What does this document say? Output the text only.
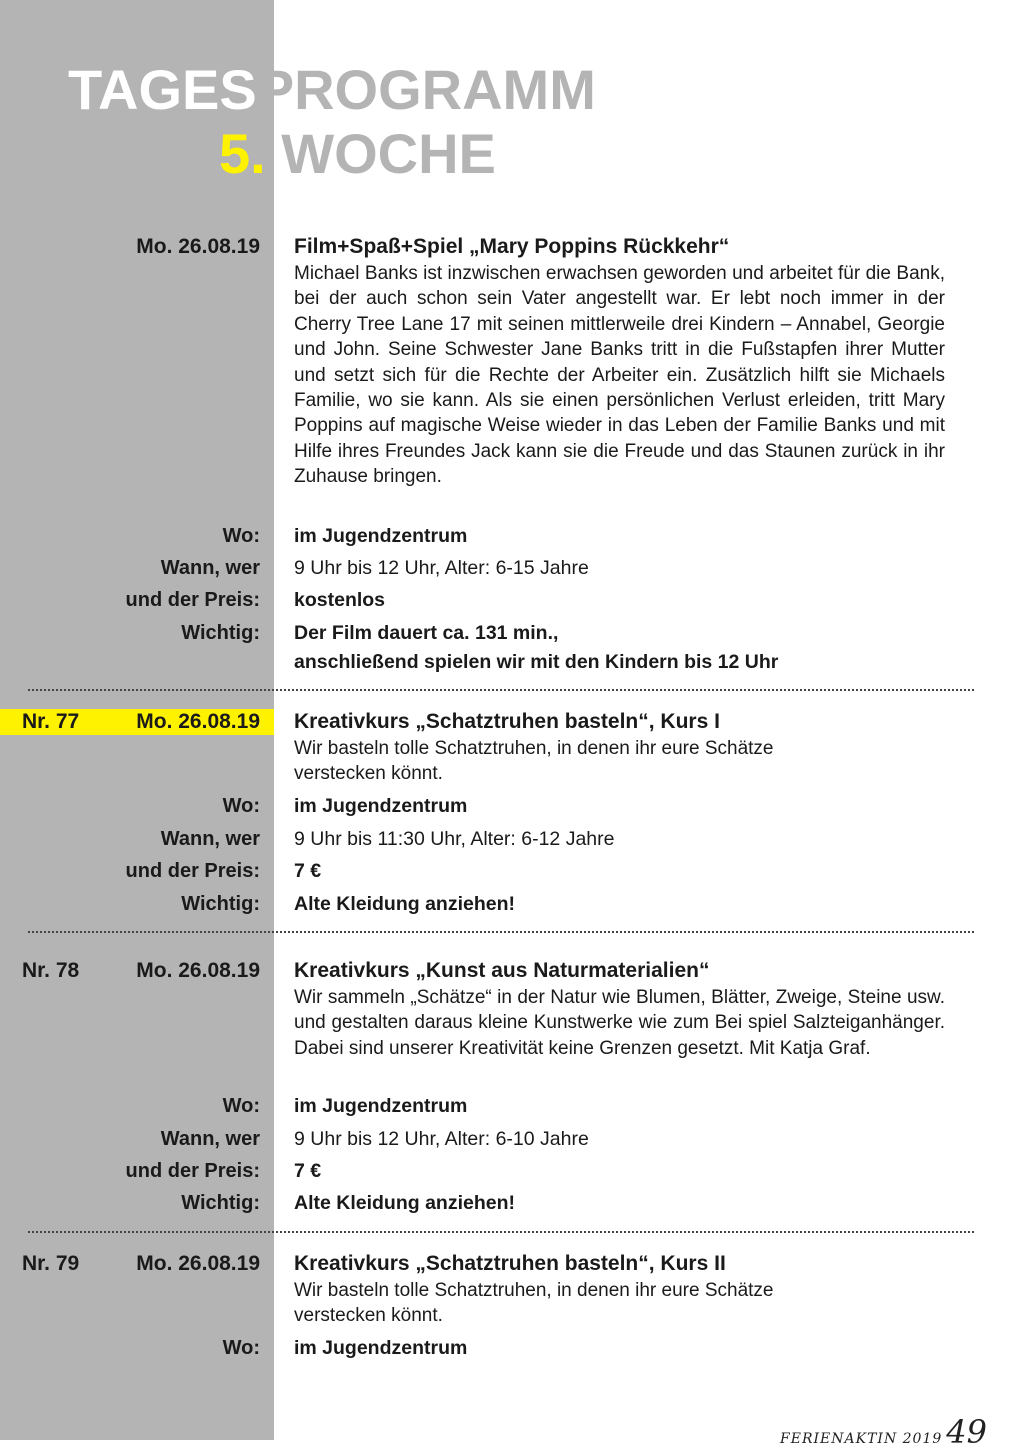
TAGESPROGRAMM
5. WOCHE
Mo. 26.08.19 Film+Spaß+Spiel „Mary Poppins Rückkehr“
Michael Banks ist inzwischen erwachsen geworden und arbeitet für die Bank, bei der auch schon sein Vater angestellt war. Er lebt noch immer in der Cherry Tree Lane 17 mit seinen mittlerweile drei Kindern – Annabel, Georgie und John. Seine Schwester Jane Banks tritt in die Fußstapfen ihrer Mutter und setzt sich für die Rechte der Arbeiter ein. Zusätzlich hilft sie Michaels Familie, wo sie kann. Als sie einen persönlichen Verlust erleiden, tritt Mary Poppins auf magische Weise wieder in das Leben der Familie Banks und mit Hilfe ihres Freundes Jack kann sie die Freude und das Staunen zurück in ihr Zuhause bringen.
Wo: im Jugendzentrum
Wann, wer 9 Uhr bis 12 Uhr, Alter: 6-15 Jahre
und der Preis: kostenlos
Wichtig: Der Film dauert ca. 131 min.,
anschließend spielen wir mit den Kindern bis 12 Uhr
Nr. 77	Mo. 26.08.19 Kreativkurs „Schatztruhen basteln“, Kurs I
Wir basteln tolle Schatztruhen, in denen ihr eure Schätze
verstecken könnt.
Wo: im Jugendzentrum
Wann, wer 9 Uhr bis 11:30 Uhr, Alter: 6-12 Jahre
und der Preis: 7 €
Wichtig: Alte Kleidung anziehen!
Nr. 78	Mo. 26.08.19 Kreativkurs „Kunst aus Naturmaterialien“
Wir sammeln „Schätze“ in der Natur wie Blumen, Blätter, Zweige, Steine usw. und gestalten daraus kleine Kunstwerke wie zum Bei spiel Salzteiganhänger. Dabei sind unserer Kreativität keine Grenzen gesetzt. Mit Katja Graf.
Wo: im Jugendzentrum
Wann, wer 9 Uhr bis 12 Uhr, Alter: 6-10 Jahre
und der Preis: 7 €
Wichtig: Alte Kleidung anziehen!
Nr. 79	Mo. 26.08.19 Kreativkurs „Schatztruhen basteln“, Kurs II
Wir basteln tolle Schatztruhen, in denen ihr eure Schätze
verstecken könnt.
Wo: im Jugendzentrum
FERIENAKTIN 2019 49
